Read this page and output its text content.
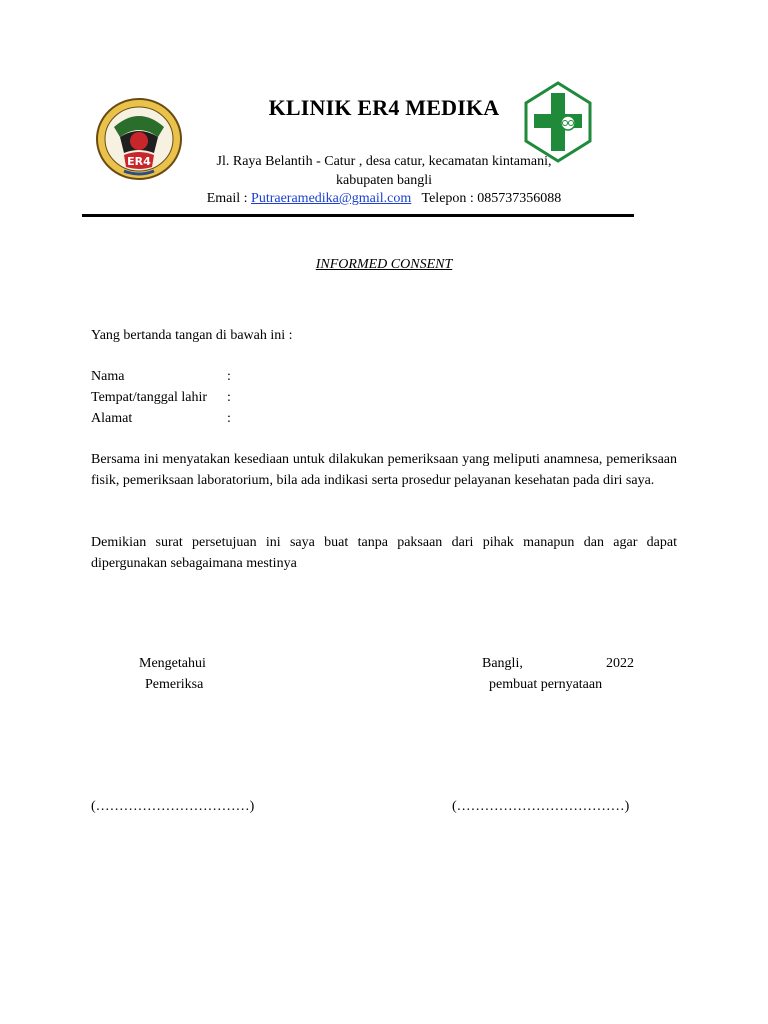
ER4
KLINIK ER4 MEDIKA
Jl. Raya Belantih - Catur , desa catur, kecamatan kintamani,
kabupaten bangli
Email : Putraeramedika@gmail.com Telepon : 085737356088
INFORMED CONSENT
Yang bertanda tangan di bawah ini :
Nama	:
Tempat/tanggal lahir :
Alamat	:
Bersama ini menyatakan kesediaan untuk dilakukan pemeriksaan yang meliputi anamnesa, pemeriksaan fisik, pemeriksaan laboratorium, bila ada indikasi serta prosedur pelayanan kesehatan pada diri saya.
Demikian surat persetujuan ini saya buat tanpa paksaan dari pihak manapun dan agar dapat dipergunakan sebagaimana mestinya
Mengetahui
Pemeriksa
Bangli,	2022
pembuat pernyataan
(……………………………)	(………………………………)
